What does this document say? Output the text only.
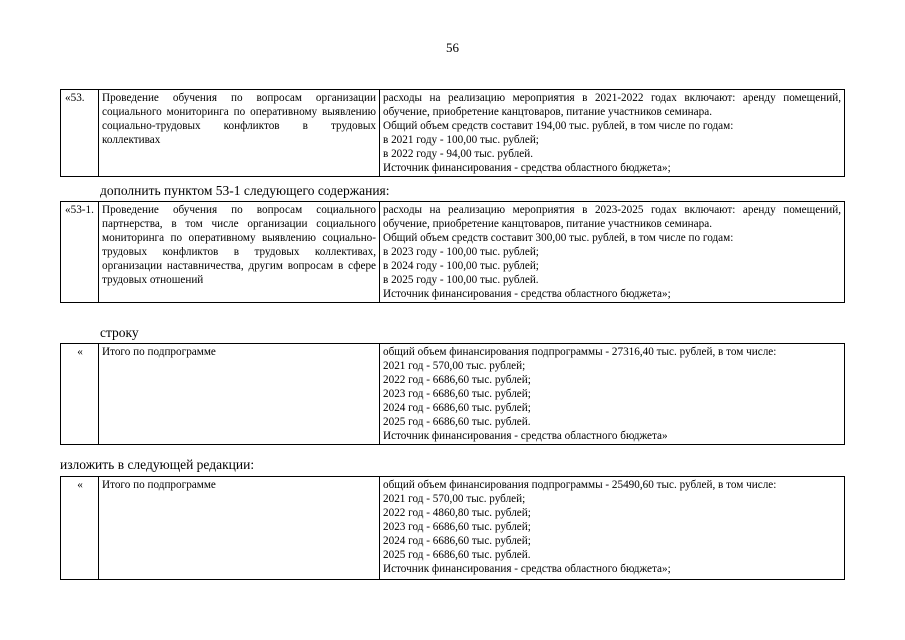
56
«53.	Проведение обучения по вопросам организации социального мониторинга по оперативному выявлению социально-трудовых конфликтов в трудовых коллективах	
расходы на реализацию мероприятия в 2021-2022 годах включают: аренду помещений, обучение, приобретение канцтоваров, питание участников семинара.
Общий объем средств составит 194,00 тыс. рублей, в том числе по годам:
в 2021 году - 100,00 тыс. рублей;
в 2022 году - 94,00 тыс. рублей.
Источник финансирования - средства областного бюджета»;
дополнить пунктом 53-1 следующего содержания:
«53-1.	Проведение обучения по вопросам социального партнерства, в том числе организации социального мониторинга по оперативному выявлению социально-трудовых конфликтов в трудовых коллективах, организации наставничества, другим вопросам в сфере трудовых отношений	
расходы на реализацию мероприятия в 2023-2025 годах включают: аренду помещений, обучение, приобретение канцтоваров, питание участников семинара.
Общий объем средств составит 300,00 тыс. рублей, в том числе по годам:
в 2023 году - 100,00 тыс. рублей;
в 2024 году - 100,00 тыс. рублей;
в 2025 году - 100,00 тыс. рублей.
Источник финансирования - средства областного бюджета»;
строку
«	Итого по подпрограмме	общий объем финансирования подпрограммы - 27316,40 тыс. рублей, в том числе:
2021 год - 570,00 тыс. рублей;
2022 год - 6686,60 тыс. рублей;
2023 год - 6686,60 тыс. рублей;
2024 год - 6686,60 тыс. рублей;
2025 год - 6686,60 тыс. рублей.
Источник финансирования - средства областного бюджета»
изложить в следующей редакции:
«	Итого по подпрограмме	общий объем финансирования подпрограммы - 25490,60 тыс. рублей, в том числе:
2021 год - 570,00 тыс. рублей;
2022 год - 4860,80 тыс. рублей;
2023 год - 6686,60 тыс. рублей;
2024 год - 6686,60 тыс. рублей;
2025 год - 6686,60 тыс. рублей.
Источник финансирования - средства областного бюджета»;
